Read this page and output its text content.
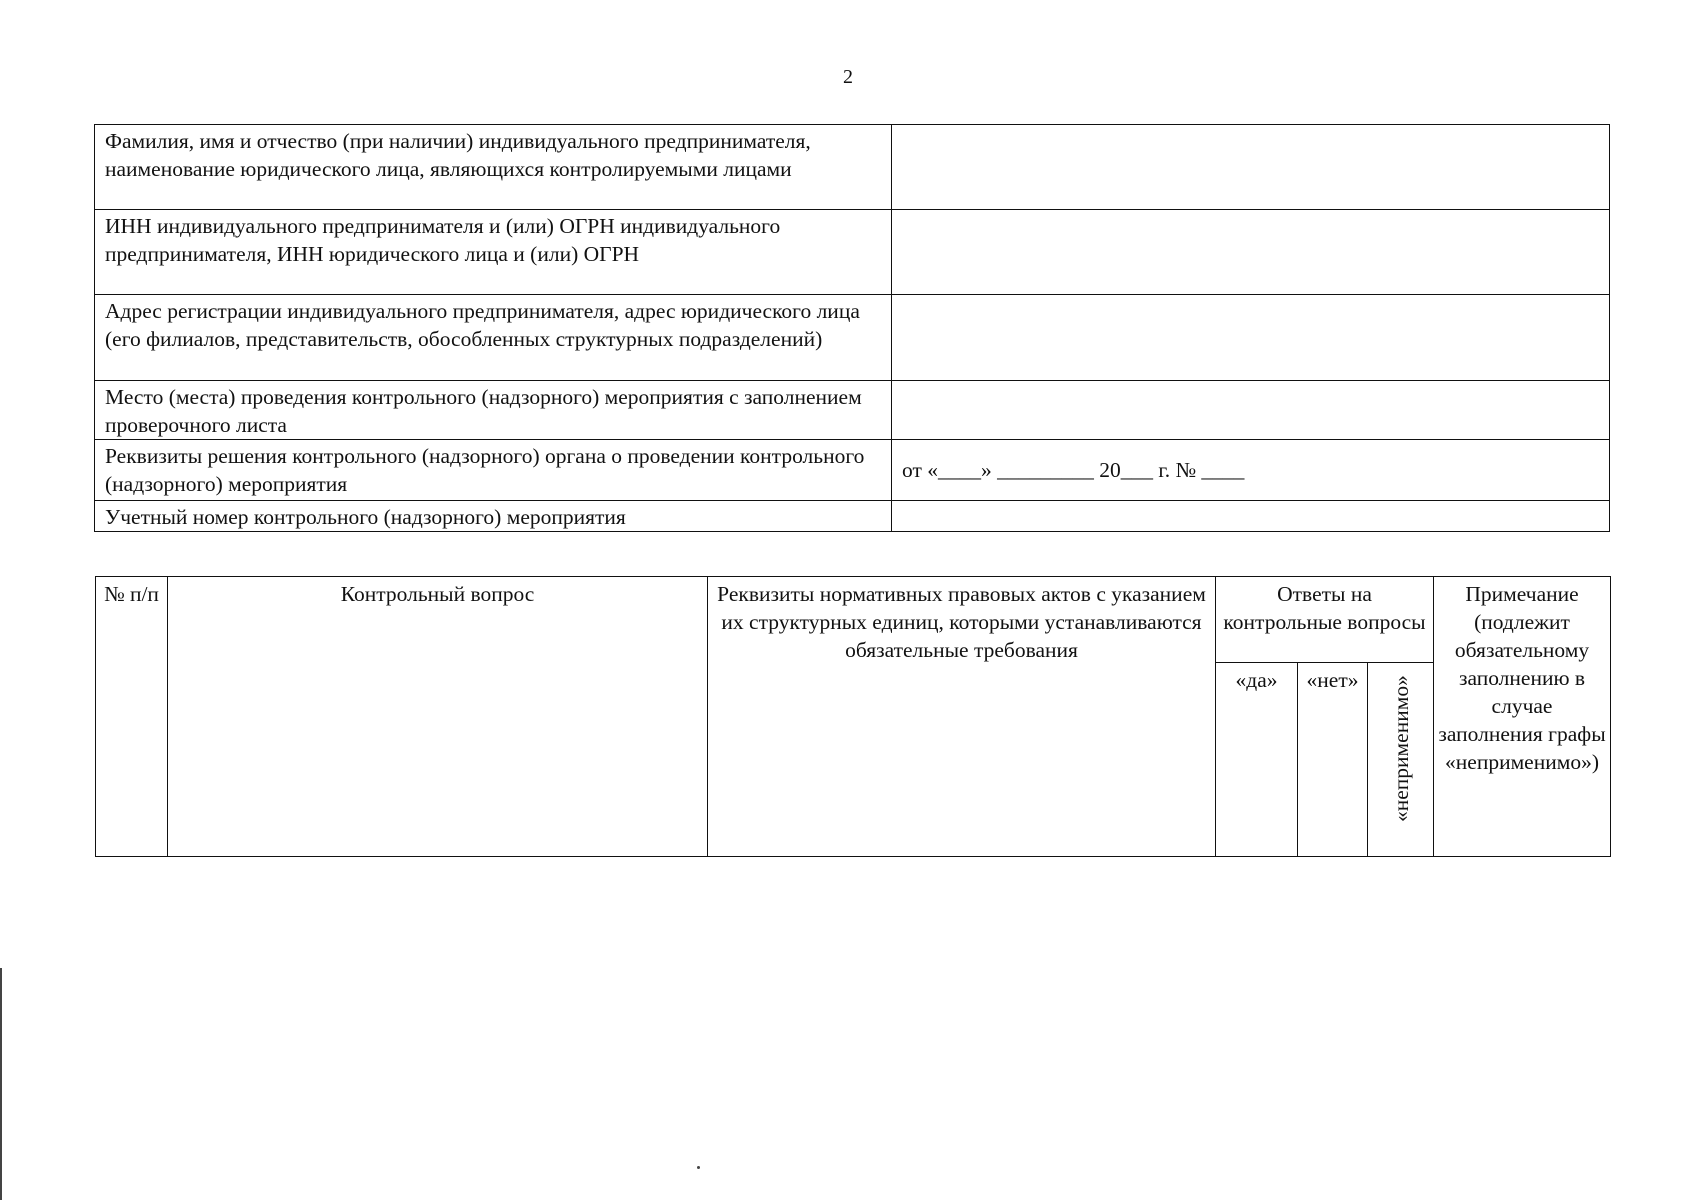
2
Фамилия, имя и отчество (при наличии) индивидуального предпринимателя, наименование юридического лица, являющихся контролируемыми лицами	
ИНН индивидуального предпринимателя и (или) ОГРН индивидуального предпринимателя, ИНН юридического лица и (или) ОГРН	
Адрес регистрации индивидуального предпринимателя, адрес юридического лица (его филиалов, представительств, обособленных структурных подразделений)	
Место (места) проведения контрольного (надзорного) мероприятия с заполнением проверочного листа	
Реквизиты решения контрольного (надзорного) органа о проведении контрольного (надзорного) мероприятия	от «____» _________ 20___ г. № ____
Учетный номер контрольного (надзорного) мероприятия	
№ п/п	Контрольный вопрос	Реквизиты нормативных правовых актов с указанием их структурных единиц, которыми устанавливаются обязательные требования	Ответы на контрольные вопросы			Примечание (подлежит обязательному заполнению в случае заполнения графы «неприменимо»)
			«да»	«нет»	«неприменимо»	
